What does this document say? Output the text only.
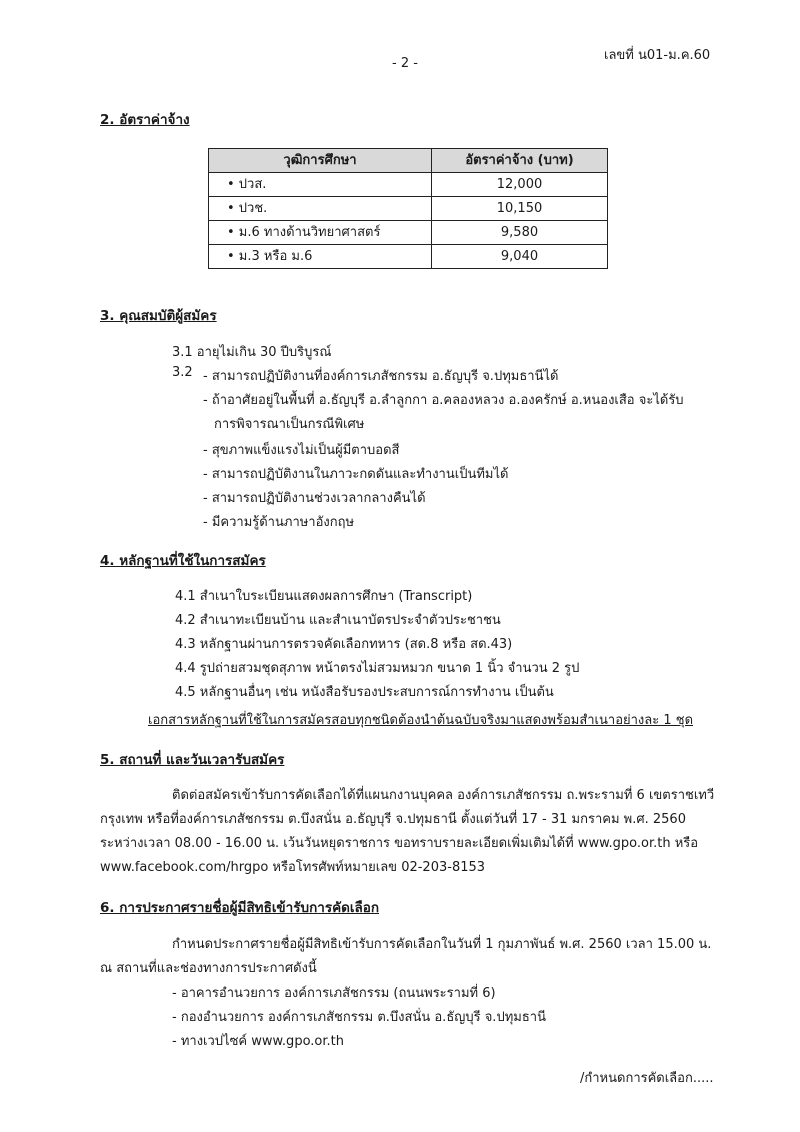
เลขที่ น01-ม.ค.60
- 2 -
2. อัตราค่าจ้าง
วุฒิการศึกษา	อัตราค่าจ้าง (บาท)
• ปวส.	12,000
• ปวช.	10,150
• ม.6 ทางด้านวิทยาศาสตร์	9,580
• ม.3 หรือ ม.6	9,040
3. คุณสมบัติผู้สมัคร
3.1 อายุไม่เกิน 30 ปีบริบูรณ์
3.2 - สามารถปฏิบัติงานที่องค์การเภสัชกรรม อ.ธัญบุรี จ.ปทุมธานีได้
- ถ้าอาศัยอยู่ในพื้นที่ อ.ธัญบุรี อ.ลำลูกกา อ.คลองหลวง อ.องครักษ์ อ.หนองเสือ จะได้รับ
การพิจารณาเป็นกรณีพิเศษ
- สุขภาพแข็งแรงไม่เป็นผู้มีตาบอดสี
- สามารถปฏิบัติงานในภาวะกดดันและทำงานเป็นทีมได้
- สามารถปฏิบัติงานช่วงเวลากลางคืนได้
- มีความรู้ด้านภาษาอังกฤษ
4. หลักฐานที่ใช้ในการสมัคร
4.1 สำเนาใบระเบียนแสดงผลการศึกษา (Transcript)
4.2 สำเนาทะเบียนบ้าน และสำเนาบัตรประจำตัวประชาชน
4.3 หลักฐานผ่านการตรวจคัดเลือกทหาร (สด.8 หรือ สด.43)
4.4 รูปถ่ายสวมชุดสุภาพ หน้าตรงไม่สวมหมวก ขนาด 1 นิ้ว จำนวน 2 รูป
4.5 หลักฐานอื่นๆ เช่น หนังสือรับรองประสบการณ์การทำงาน เป็นต้น
เอกสารหลักฐานที่ใช้ในการสมัครสอบทุกชนิดต้องนำต้นฉบับจริงมาแสดงพร้อมสำเนาอย่างละ 1 ชุด
5. สถานที่ และวันเวลารับสมัคร
ติดต่อสมัครเข้ารับการคัดเลือกได้ที่แผนกงานบุคคล องค์การเภสัชกรรม ถ.พระรามที่ 6 เขตราชเทวี
กรุงเทพ หรือที่องค์การเภสัชกรรม ต.บึงสนั่น อ.ธัญบุรี จ.ปทุมธานี ตั้งแต่วันที่ 17 - 31 มกราคม พ.ศ. 2560
ระหว่างเวลา 08.00 - 16.00 น. เว้นวันหยุดราชการ ขอทราบรายละเอียดเพิ่มเติมได้ที่ www.gpo.or.th หรือ
www.facebook.com/hrgpo หรือโทรศัพท์หมายเลข 02-203-8153
6. การประกาศรายชื่อผู้มีสิทธิเข้ารับการคัดเลือก
กำหนดประกาศรายชื่อผู้มีสิทธิเข้ารับการคัดเลือกในวันที่ 1 กุมภาพันธ์ พ.ศ. 2560 เวลา 15.00 น.
ณ สถานที่และช่องทางการประกาศดังนี้
- อาคารอำนวยการ องค์การเภสัชกรรม (ถนนพระรามที่ 6)
- กองอำนวยการ องค์การเภสัชกรรม ต.บึงสนั่น อ.ธัญบุรี จ.ปทุมธานี
- ทางเวปไซค์ www.gpo.or.th
/กำหนดการคัดเลือก.....
